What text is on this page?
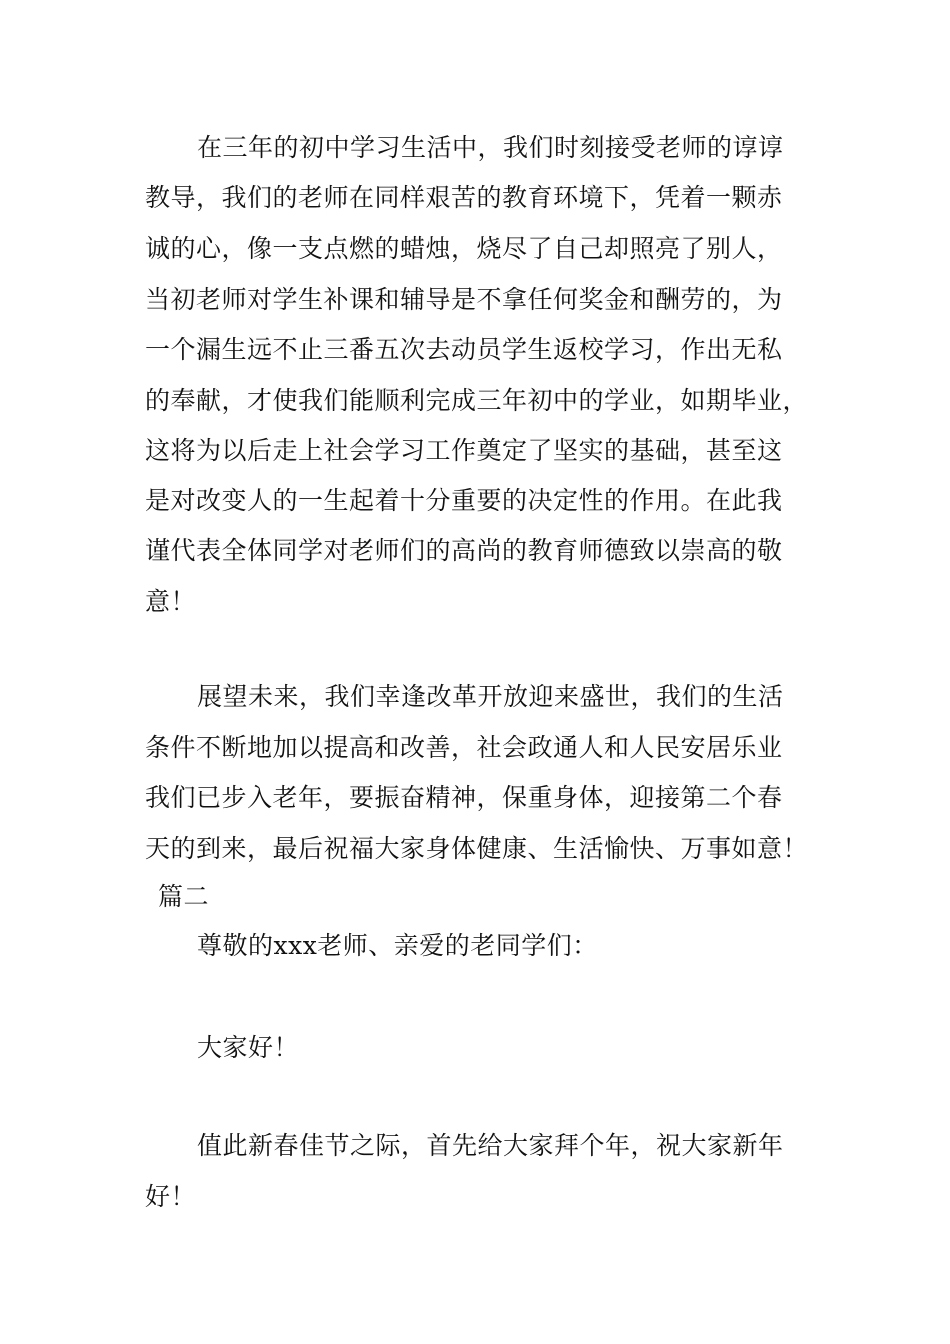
在三年的初中学习生活中，我们时刻接受老师的谆谆
教导，我们的老师在同样艰苦的教育环境下，凭着一颗赤
诚的心，像一支点燃的蜡烛，烧尽了自己却照亮了别人，
当初老师对学生补课和辅导是不拿任何奖金和酬劳的，为
一个漏生远不止三番五次去动员学生返校学习，作出无私
的奉献，才使我们能顺利完成三年初中的学业，如期毕业，
这将为以后走上社会学习工作奠定了坚实的基础，甚至这
是对改变人的一生起着十分重要的决定性的作用。在此我
谨代表全体同学对老师们的高尚的教育师德致以崇高的敬
意！
展望未来，我们幸逢改革开放迎来盛世，我们的生活
条件不断地加以提高和改善，社会政通人和人民安居乐业
我们已步入老年，要振奋精神，保重身体，迎接第二个春
天的到来，最后祝福大家身体健康、生活愉快、万事如意！
篇二
尊敬的xxx老师、亲爱的老同学们：
大家好！
值此新春佳节之际，首先给大家拜个年，祝大家新年
好！
